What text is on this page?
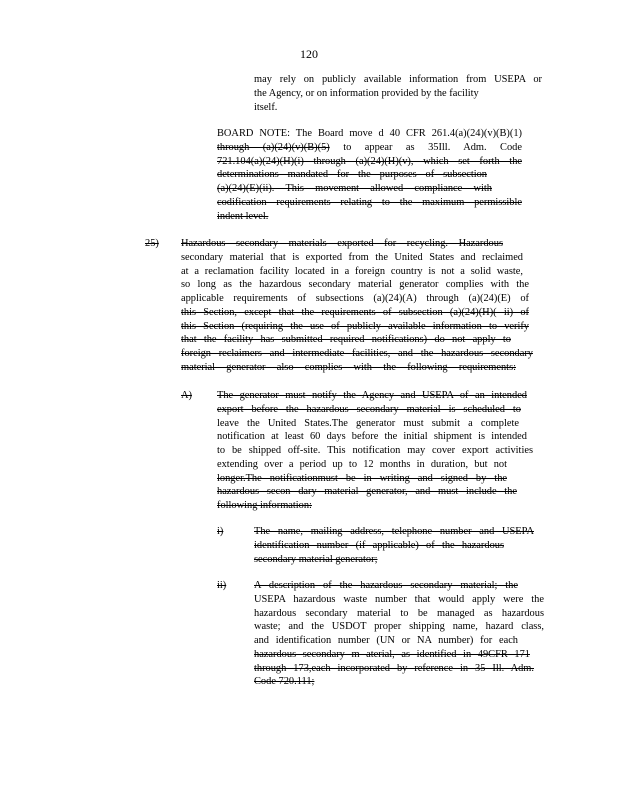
120
may rely on publicly available information from USEPA or
the Agency, or on information provided by the facility
itself.
BOARD NOTE: The Board move d 40 CFR 261.4(a)(24)(v)(B)(1)
through (a)(24)(v)(B)(5) to appear as 35Ill. Adm. Code
721.104(a)(24)(H)(i) through (a)(24)(H)(v), which set forth the
determinations mandated for the purposes of subsection
(a)(24)(E)(ii). This movement allowed compliance with
codification requirements relating to the maximum permissible
indent level.
25) Hazardous secondary materials exported for recycling. Hazardous
secondary material that is exported from the United States and reclaimed
at a reclamation facility located in a foreign country is not a solid waste,
so long as the hazardous secondary material generator complies with the
applicable requirements of subsections (a)(24)(A) through (a)(24)(E) of
this Section, except that the requirements of subsection (a)(24)(H)( ii) of
this Section (requiring the use of publicly available information to verify
that the facility has submitted required notifications) do not apply to
foreign reclaimers and intermediate facilities, and the hazardous secondary
material generator also complies with the following requirements:
A) The generator must notify the Agency and USEPA of an intended
export before the hazardous secondary material is scheduled to
leave the United States.The generator must submit a complete
notification at least 60 days before the initial shipment is intended
to be shipped off-site. This notification may cover export activities
extending over a period up to 12 months in duration, but not
longer.The notificationmust be in writing and signed by the
hazardous secon dary material generator, and must include the
following information:
i)	The name, mailing address, telephone number and USEPA
identification number (if applicable) of the hazardous
secondary material generator;
ii)	A description of the hazardous secondary material; the
USEPA hazardous waste number that would apply were the
hazardous secondary material to be managed as hazardous
waste; and the USDOT proper shipping name, hazard class,
and identification number (UN or NA number) for each
hazardous secondary m aterial, as identified in 49CFR 171
through 173,each incorporated by reference in 35 Ill. Adm.
Code 720.111;
